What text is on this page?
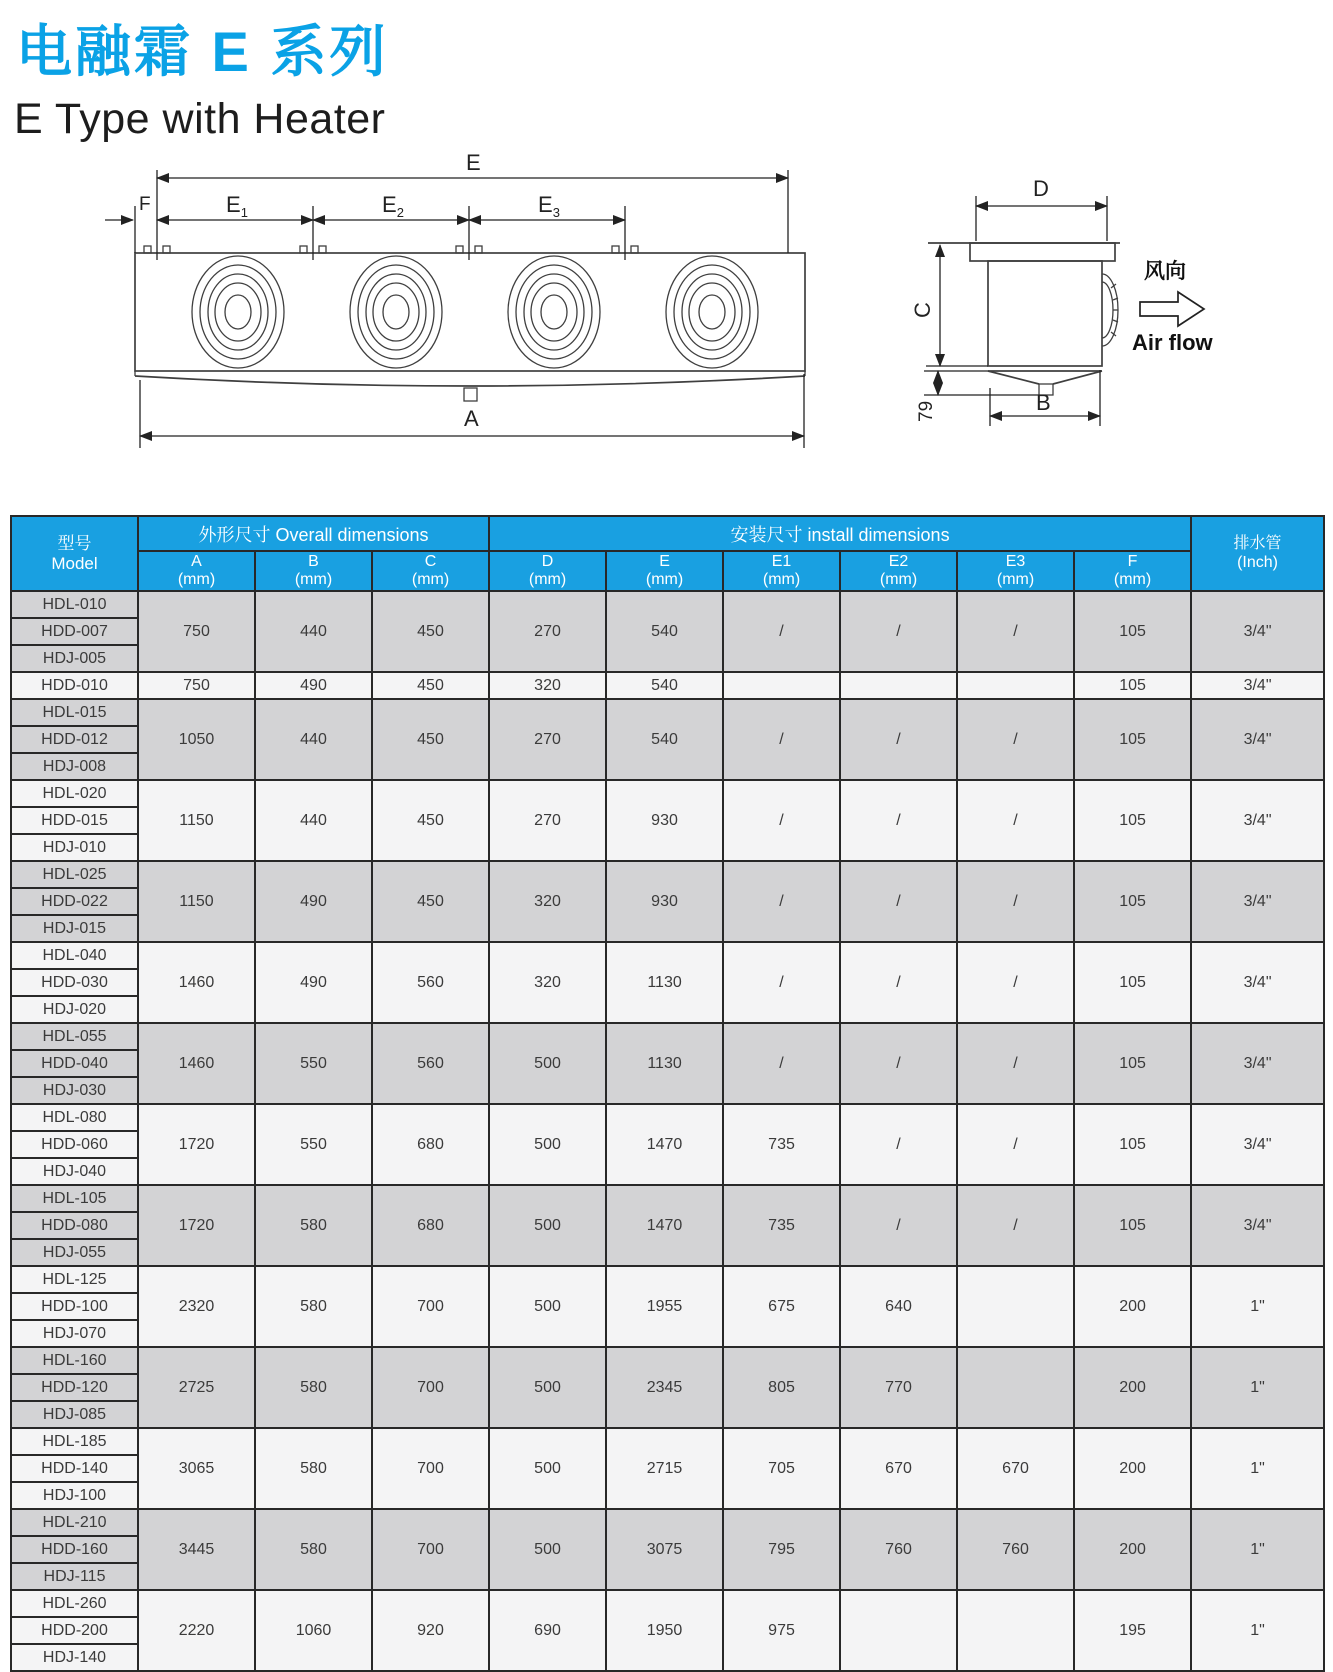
电融霜 E 系列
E Type with Heater
E
$E_1$	$E_2$	$E_3$
F
A
D
C
79	B
风向
Air flow
型号
Model	外形尺寸 Overall dimensions			安装尺寸 install dimensions						排水管
(Inch)

	A
(mm)	B
(mm)	C
(mm)	D
(mm)	E
(mm)	E1
(mm)	E2
(mm)	E3
(mm)	F
(mm)	

HDL-010	750	440	450	270	540	/	/	/	105	3/4"
HDD-007										
HDJ-005										
HDD-010	750	490	450	320	540				105	3/4"
HDL-015	1050	440	450	270	540	/	/	/	105	3/4"
HDD-012										
HDJ-008										
HDL-020	1150	440	450	270	930	/	/	/	105	3/4"
HDD-015										
HDJ-010										
HDL-025	1150	490	450	320	930	/	/	/	105	3/4"
HDD-022										
HDJ-015										
HDL-040	1460	490	560	320	1130	/	/	/	105	3/4"
HDD-030										
HDJ-020										
HDL-055	1460	550	560	500	1130	/	/	/	105	3/4"
HDD-040										
HDJ-030										
HDL-080	1720	550	680	500	1470	735	/	/	105	3/4"
HDD-060										
HDJ-040										
HDL-105	1720	580	680	500	1470	735	/	/	105	3/4"
HDD-080										
HDJ-055										
HDL-125	2320	580	700	500	1955	675	640		200	1"
HDD-100										
HDJ-070										
HDL-160	2725	580	700	500	2345	805	770		200	1"
HDD-120										
HDJ-085										
HDL-185	3065	580	700	500	2715	705	670	670	200	1"
HDD-140										
HDJ-100										
HDL-210	3445	580	700	500	3075	795	760	760	200	1"
HDD-160										
HDJ-115										
HDL-260	2220	1060	920	690	1950	975			195	1"
HDD-200										
HDJ-140										
